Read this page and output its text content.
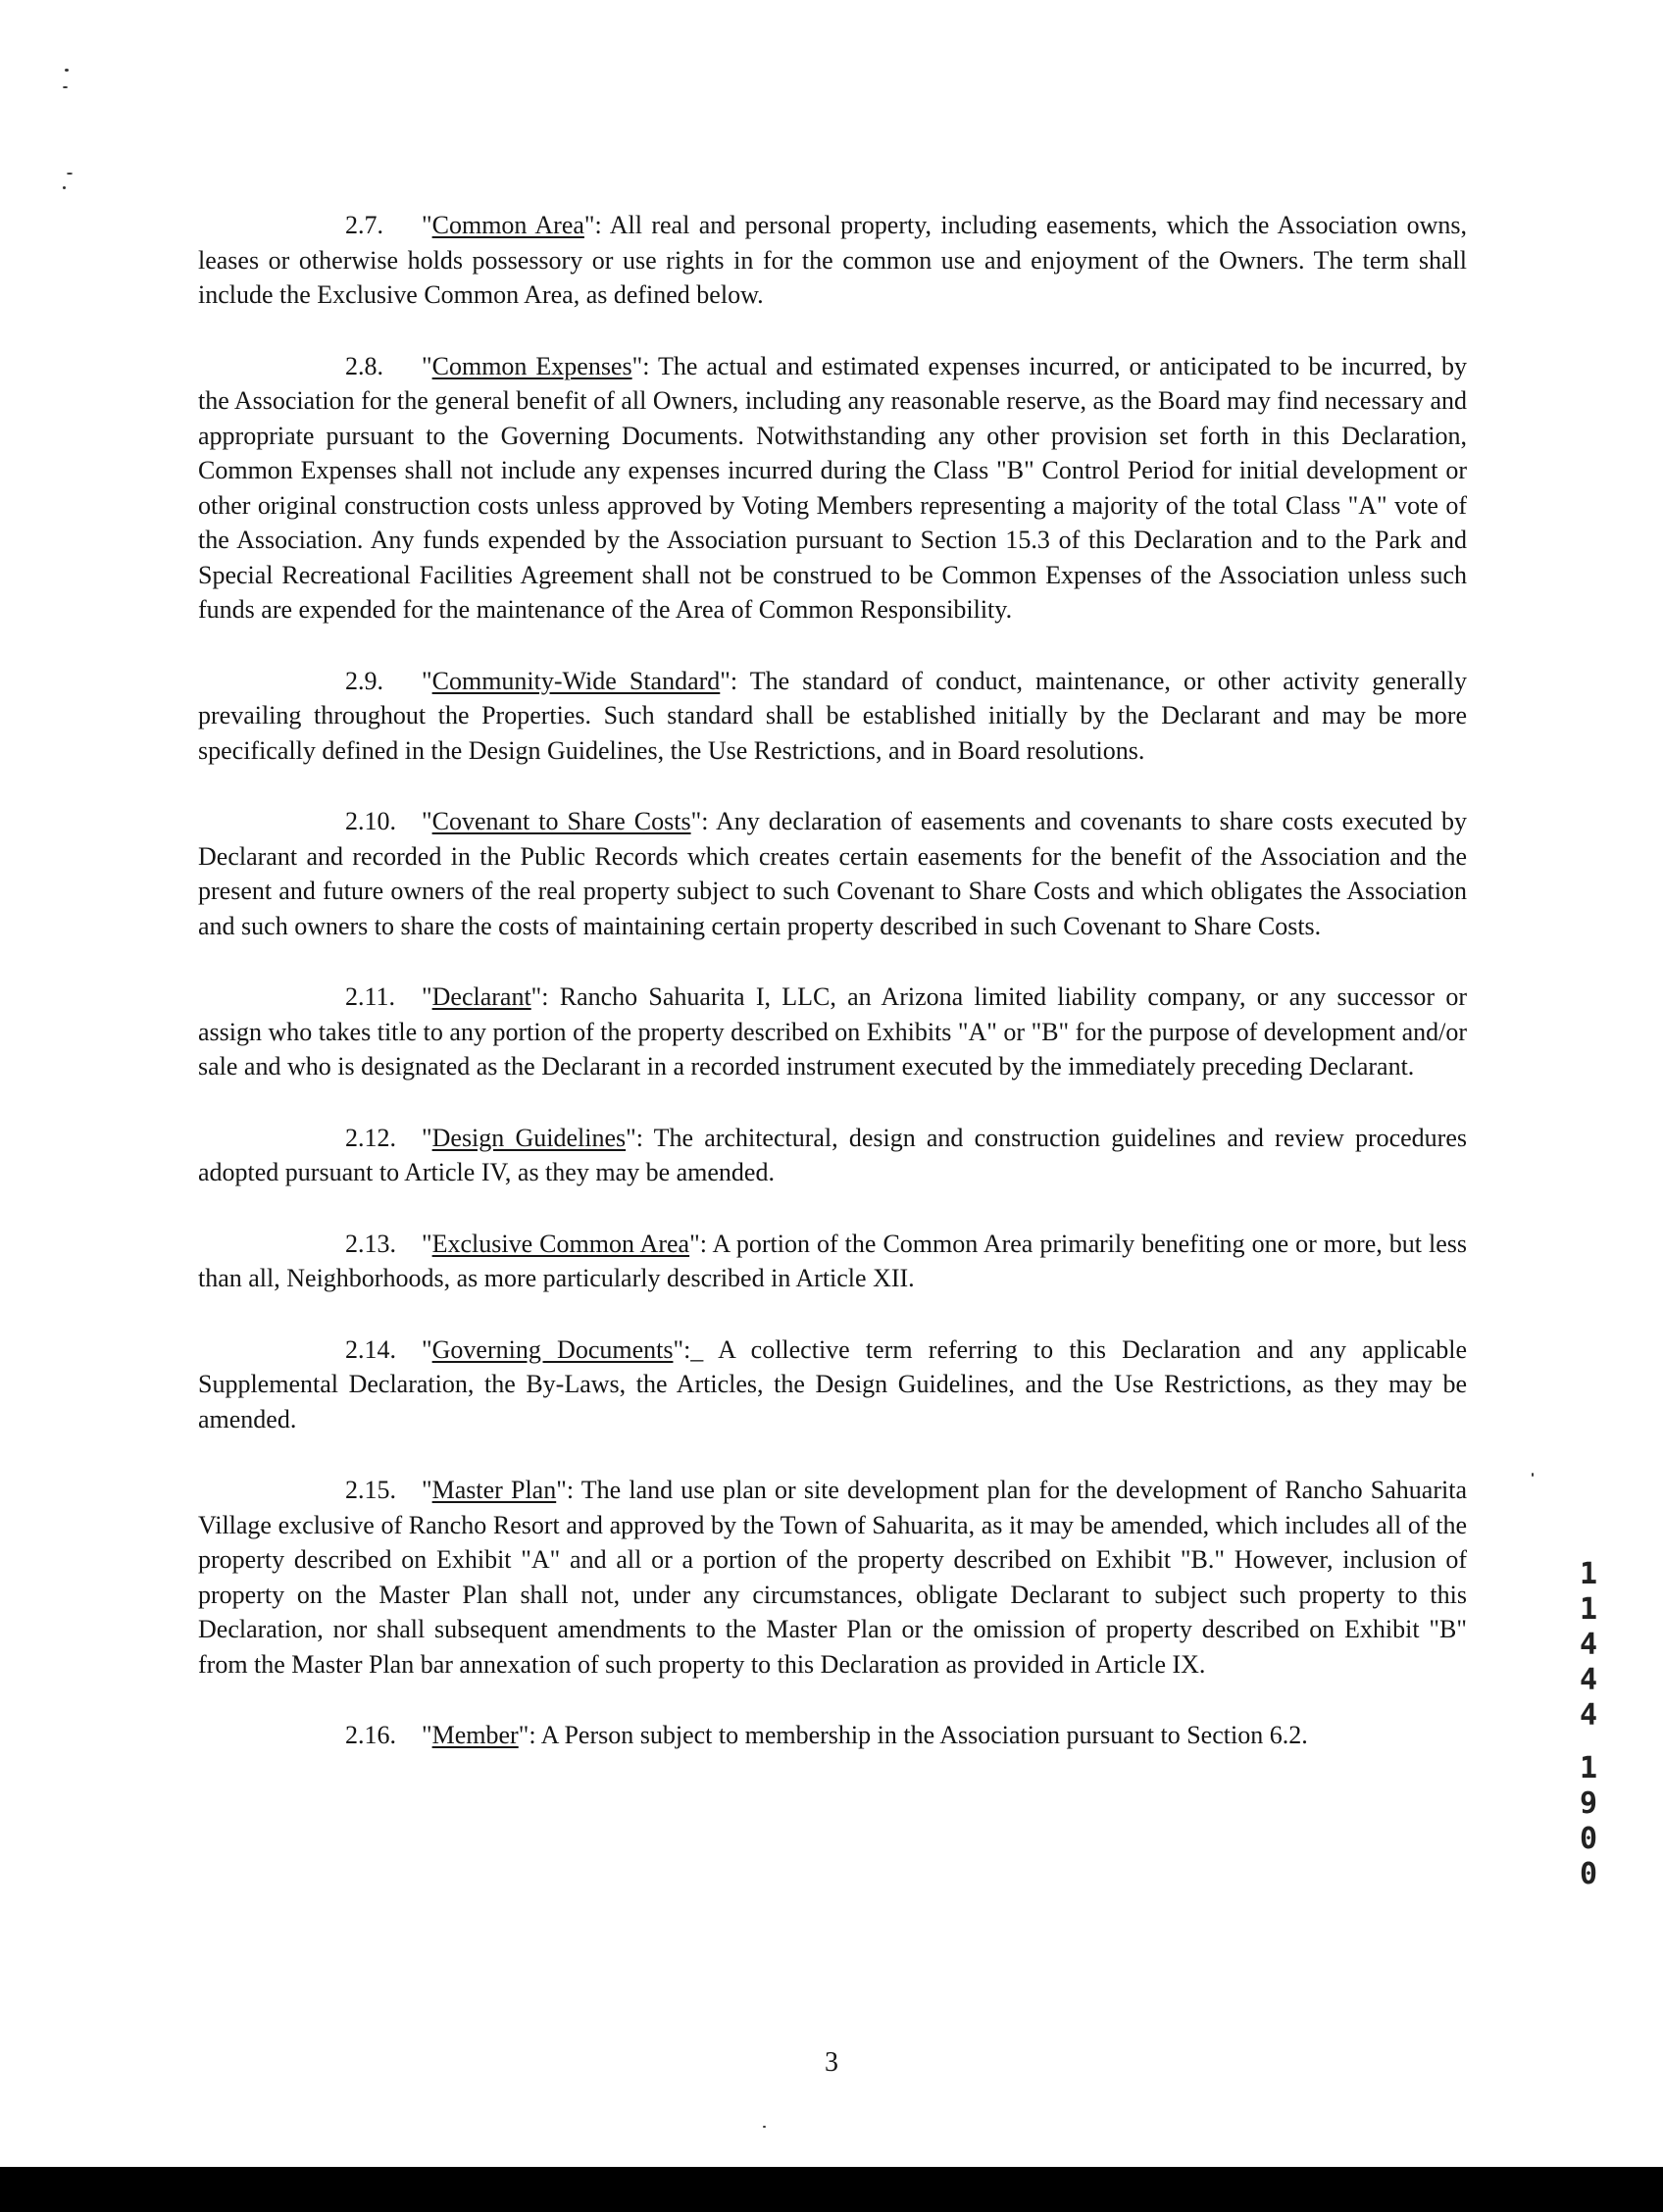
2.7. "Common Area": All real and personal property, including easements, which the Association owns, leases or otherwise holds possessory or use rights in for the common use and enjoyment of the Owners. The term shall include the Exclusive Common Area, as defined below.

2.8. "Common Expenses": The actual and estimated expenses incurred, or anticipated to be incurred, by the Association for the general benefit of all Owners, including any reasonable reserve, as the Board may find necessary and appropriate pursuant to the Governing Documents. Notwithstanding any other provision set forth in this Declaration, Common Expenses shall not include any expenses incurred during the Class "B" Control Period for initial development or other original construction costs unless approved by Voting Members representing a majority of the total Class "A" vote of the Association. Any funds expended by the Association pursuant to Section 15.3 of this Declaration and to the Park and Special Recreational Facilities Agreement shall not be construed to be Common Expenses of the Association unless such funds are expended for the maintenance of the Area of Common Responsibility.

2.9. "Community-Wide Standard": The standard of conduct, maintenance, or other activity generally prevailing throughout the Properties. Such standard shall be established initially by the Declarant and may be more specifically defined in the Design Guidelines, the Use Restrictions, and in Board resolutions.

2.10. "Covenant to Share Costs": Any declaration of easements and covenants to share costs executed by Declarant and recorded in the Public Records which creates certain easements for the benefit of the Association and the present and future owners of the real property subject to such Covenant to Share Costs and which obligates the Association and such owners to share the costs of maintaining certain property described in such Covenant to Share Costs.

2.11. "Declarant": Rancho Sahuarita I, LLC, an Arizona limited liability company, or any successor or assign who takes title to any portion of the property described on Exhibits "A" or "B" for the purpose of development and/or sale and who is designated as the Declarant in a recorded instrument executed by the immediately preceding Declarant.

2.12. "Design Guidelines": The architectural, design and construction guidelines and review procedures adopted pursuant to Article IV, as they may be amended.

2.13. "Exclusive Common Area": A portion of the Common Area primarily benefiting one or more, but less than all, Neighborhoods, as more particularly described in Article XII.

2.14. "Governing Documents":_ A collective term referring to this Declaration and any applicable Supplemental Declaration, the By-Laws, the Articles, the Design Guidelines, and the Use Restrictions, as they may be amended.

2.15. "Master Plan": The land use plan or site development plan for the development of Rancho Sahuarita Village exclusive of Rancho Resort and approved by the Town of Sahuarita, as it may be amended, which includes all of the property described on Exhibit "A" and all or a portion of the property described on Exhibit "B." However, inclusion of property on the Master Plan shall not, under any circumstances, obligate Declarant to subject such property to this Declaration, nor shall subsequent amendments to the Master Plan or the omission of property described on Exhibit "B" from the Master Plan bar annexation of such property to this Declaration as provided in Article IX.

2.16. "Member": A Person subject to membership in the Association pursuant to Section 6.2.

3
1
1
4
4
4
1
9
0
0
